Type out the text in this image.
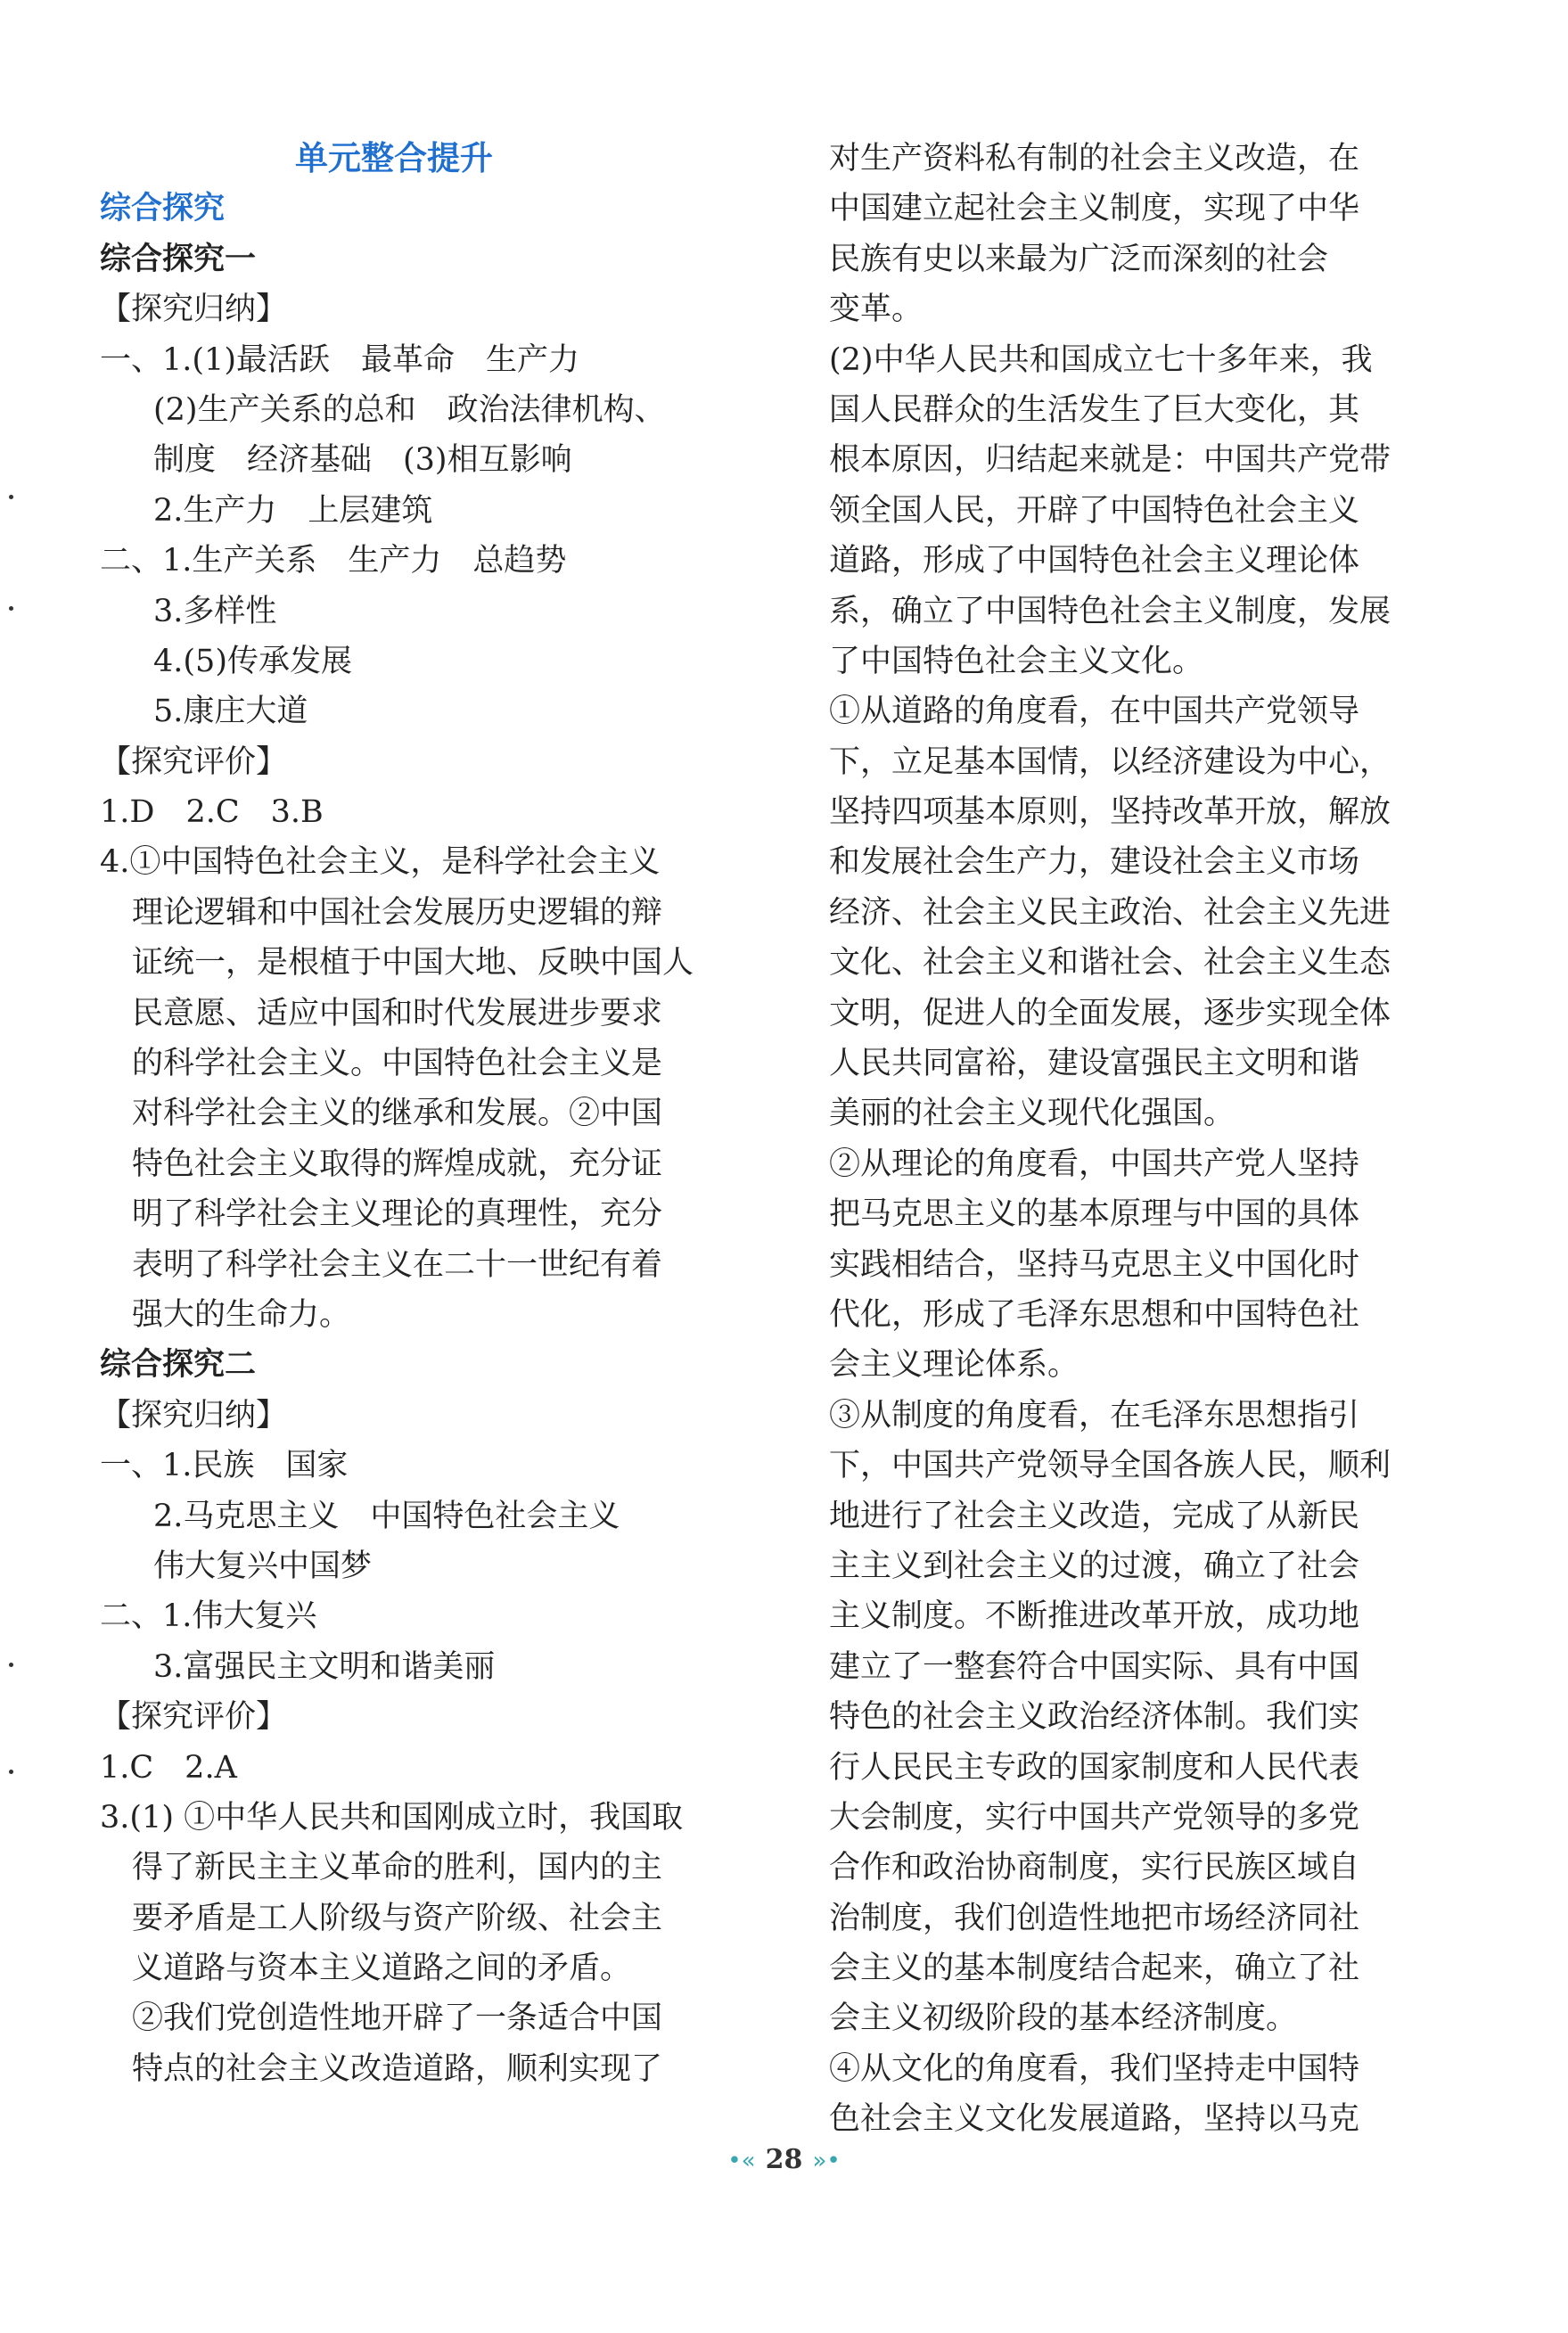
单元整合提升
综合探究
综合探究一
【探究归纳】
一、1.(1)最活跃　最革命　生产力
(2)生产关系的总和　政治法律机构、
制度　经济基础　(3)相互影响
2.生产力　上层建筑
二、1.生产关系　生产力　总趋势
3.多样性
4.(5)传承发展
5.康庄大道
【探究评价】
1.D　2.C　3.B
4.①中国特色社会主义，是科学社会主义
理论逻辑和中国社会发展历史逻辑的辩
证统一，是根植于中国大地、反映中国人
民意愿、适应中国和时代发展进步要求
的科学社会主义。中国特色社会主义是
对科学社会主义的继承和发展。②中国
特色社会主义取得的辉煌成就，充分证
明了科学社会主义理论的真理性，充分
表明了科学社会主义在二十一世纪有着
强大的生命力。
综合探究二
【探究归纳】
一、1.民族　国家
2.马克思主义　中国特色社会主义
伟大复兴中国梦
二、1.伟大复兴
3.富强民主文明和谐美丽
【探究评价】
1.C　2.A
3.(1) ①中华人民共和国刚成立时，我国取
得了新民主主义革命的胜利，国内的主
要矛盾是工人阶级与资产阶级、社会主
义道路与资本主义道路之间的矛盾。
②我们党创造性地开辟了一条适合中国
特点的社会主义改造道路，顺利实现了
对生产资料私有制的社会主义改造，在
中国建立起社会主义制度，实现了中华
民族有史以来最为广泛而深刻的社会
变革。
(2)中华人民共和国成立七十多年来，我
国人民群众的生活发生了巨大变化，其
根本原因，归结起来就是：中国共产党带
领全国人民，开辟了中国特色社会主义
道路，形成了中国特色社会主义理论体
系，确立了中国特色社会主义制度，发展
了中国特色社会主义文化。
①从道路的角度看，在中国共产党领导
下，立足基本国情，以经济建设为中心，
坚持四项基本原则，坚持改革开放，解放
和发展社会生产力，建设社会主义市场
经济、社会主义民主政治、社会主义先进
文化、社会主义和谐社会、社会主义生态
文明，促进人的全面发展，逐步实现全体
人民共同富裕，建设富强民主文明和谐
美丽的社会主义现代化强国。
②从理论的角度看，中国共产党人坚持
把马克思主义的基本原理与中国的具体
实践相结合，坚持马克思主义中国化时
代化，形成了毛泽东思想和中国特色社
会主义理论体系。
③从制度的角度看，在毛泽东思想指引
下，中国共产党领导全国各族人民，顺利
地进行了社会主义改造，完成了从新民
主主义到社会主义的过渡，确立了社会
主义制度。不断推进改革开放，成功地
建立了一整套符合中国实际、具有中国
特色的社会主义政治经济体制。我们实
行人民民主专政的国家制度和人民代表
大会制度，实行中国共产党领导的多党
合作和政治协商制度，实行民族区域自
治制度，我们创造性地把市场经济同社
会主义的基本制度结合起来，确立了社
会主义初级阶段的基本经济制度。
④从文化的角度看，我们坚持走中国特
色社会主义文化发展道路，坚持以马克
•« 28 »•
